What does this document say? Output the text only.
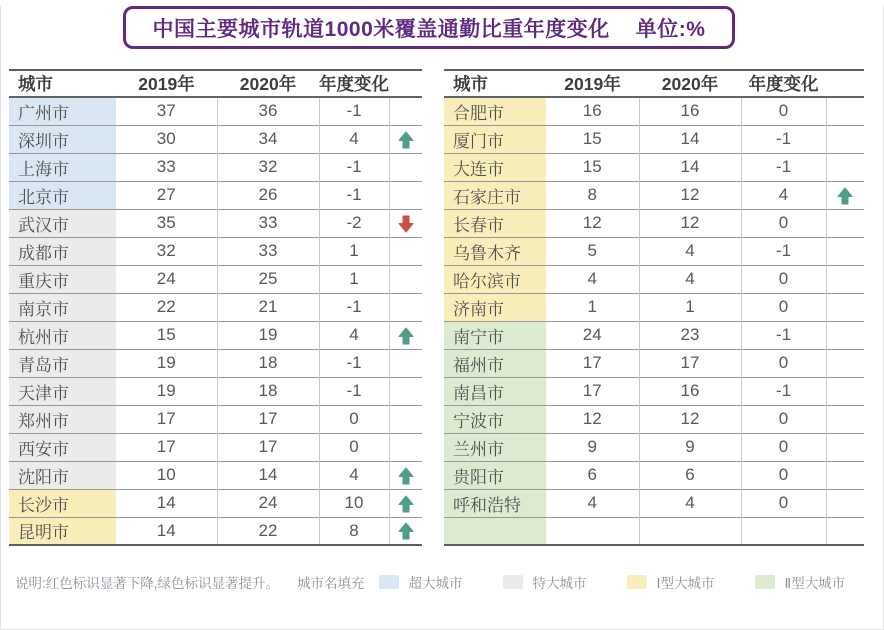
中国主要城市轨道1000米覆盖通勤比重年度变化 单位:%
城市	2019年	2020年	年度变化	
广州市	37	36	-1	
深圳市	30	34	4	
上海市	33	32	-1	
北京市	27	26	-1	
武汉市	35	33	-2	
成都市	32	33	1	
重庆市	24	25	1	
南京市	22	21	-1	
杭州市	15	19	4	
青岛市	19	18	-1	
天津市	19	18	-1	
郑州市	17	17	0	
西安市	17	17	0	
沈阳市	10	14	4	
长沙市	14	24	10	
昆明市	14	22	8	
城市	2019年	2020年	年度变化	
合肥市	16	16	0	
厦门市	15	14	-1	
大连市	15	14	-1	
石家庄市	8	12	4	
长春市	12	12	0	
乌鲁木齐	5	4	-1	
哈尔滨市	4	4	0	
济南市	1	1	0	
南宁市	24	23	-1	
福州市	17	17	0	
南昌市	17	16	-1	
宁波市	12	12	0	
兰州市	9	9	0	
贵阳市	6	6	0	
呼和浩特	4	4	0	

说明:红色标识显著下降,绿色标识显著提升。 城市名填充	超大城市	特大城市	Ⅰ型大城市	Ⅱ型大城市
